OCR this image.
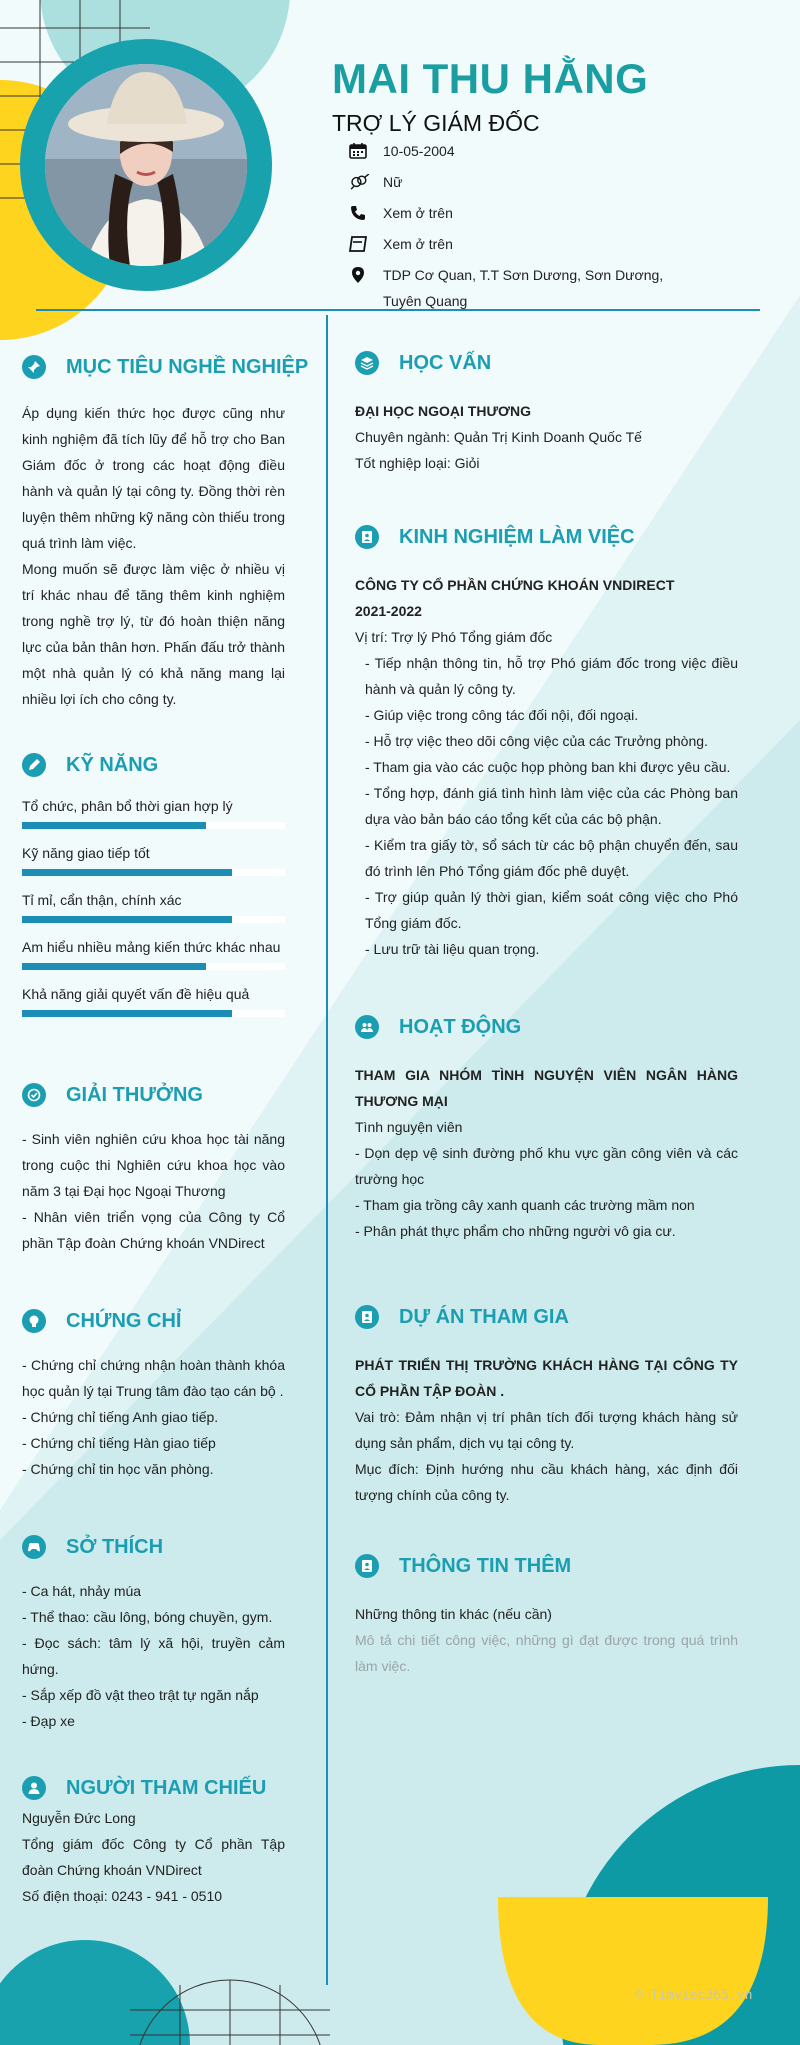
MAI THU HẰNG
TRỢ LÝ GIÁM ĐỐC
10-05-2004
Nữ
Xem ở trên
Xem ở trên
TDP Cơ Quan, T.T Sơn Dương, Sơn Dương, Tuyên Quang
MỤC TIÊU NGHỀ NGHIỆP
Áp dụng kiến thức học được cũng như kinh nghiệm đã tích lũy để hỗ trợ cho Ban Giám đốc ở trong các hoạt động điều hành và quản lý tại công ty. Đồng thời rèn luyện thêm những kỹ năng còn thiếu trong quá trình làm việc.
Mong muốn sẽ được làm việc ở nhiều vị trí khác nhau để tăng thêm kinh nghiệm trong nghề trợ lý, từ đó hoàn thiện năng lực của bản thân hơn. Phấn đấu trở thành một nhà quản lý có khả năng mang lại nhiều lợi ích cho công ty.
KỸ NĂNG
Tổ chức, phân bổ thời gian hợp lý
Kỹ năng giao tiếp tốt
Tỉ mỉ, cẩn thận, chính xác
Am hiểu nhiều mảng kiến thức khác nhau
Khả năng giải quyết vấn đề hiệu quả
GIẢI THƯỞNG
- Sinh viên nghiên cứu khoa học tài năng trong cuộc thi Nghiên cứu khoa học vào năm 3 tại Đại học Ngoại Thương
- Nhân viên triển vọng của Công ty Cổ phần Tập đoàn Chứng khoán VNDirect
CHỨNG CHỈ
- Chứng chỉ chứng nhận hoàn thành khóa học quản lý tại Trung tâm đào tạo cán bộ .
- Chứng chỉ tiếng Anh giao tiếp.
- Chứng chỉ tiếng Hàn giao tiếp
- Chứng chỉ tin học văn phòng.
SỞ THÍCH
- Ca hát, nhảy múa
- Thể thao: cầu lông, bóng chuyền, gym.
- Đọc sách: tâm lý xã hội, truyền cảm hứng.
- Sắp xếp đồ vật theo trật tự ngăn nắp
- Đạp xe
NGƯỜI THAM CHIẾU
Nguyễn Đức Long
Tổng giám đốc Công ty Cổ phần Tập đoàn Chứng khoán VNDirect
Số điện thoại: 0243 - 941 - 0510
HỌC VẤN
ĐẠI HỌC NGOẠI THƯƠNG
Chuyên ngành: Quản Trị Kinh Doanh Quốc Tế
Tốt nghiệp loại: Giỏi
KINH NGHIỆM LÀM VIỆC
CÔNG TY CỔ PHẦN CHỨNG KHOÁN VNDIRECT
2021-2022
Vị trí: Trợ lý Phó Tổng giám đốc
- Tiếp nhận thông tin, hỗ trợ Phó giám đốc trong việc điều hành và quản lý công ty.
- Giúp việc trong công tác đối nội, đối ngoại.
- Hỗ trợ việc theo dõi công việc của các Trưởng phòng.
- Tham gia vào các cuộc họp phòng ban khi được yêu cầu.
- Tổng hợp, đánh giá tình hình làm việc của các Phòng ban dựa vào bản báo cáo tổng kết của các bộ phận.
- Kiểm tra giấy tờ, sổ sách từ các bộ phận chuyển đến, sau đó trình lên Phó Tổng giám đốc phê duyệt.
- Trợ giúp quản lý thời gian, kiểm soát công việc cho Phó Tổng giám đốc.
- Lưu trữ tài liệu quan trọng.
HOẠT ĐỘNG
THAM GIA NHÓM TÌNH NGUYỆN VIÊN NGÂN HÀNG THƯƠNG MẠI
Tình nguyện viên
- Dọn dẹp vệ sinh đường phố khu vực gần công viên và các trường học
- Tham gia trồng cây xanh quanh các trường mầm non
- Phân phát thực phẩm cho những người vô gia cư.
DỰ ÁN THAM GIA
PHÁT TRIỂN THỊ TRƯỜNG KHÁCH HÀNG TẠI CÔNG TY CỔ PHẦN TẬP ĐOÀN .
Vai trò: Đảm nhận vị trí phân tích đối tượng khách hàng sử dụng sản phẩm, dịch vụ tại công ty.
Mục đích: Định hướng nhu cầu khách hàng, xác định đối tượng chính của công ty.
THÔNG TIN THÊM
Những thông tin khác (nếu cần)
Mô tả chi tiết công việc, những gì đạt được trong quá trình làm việc.
© Timviec365.vn
